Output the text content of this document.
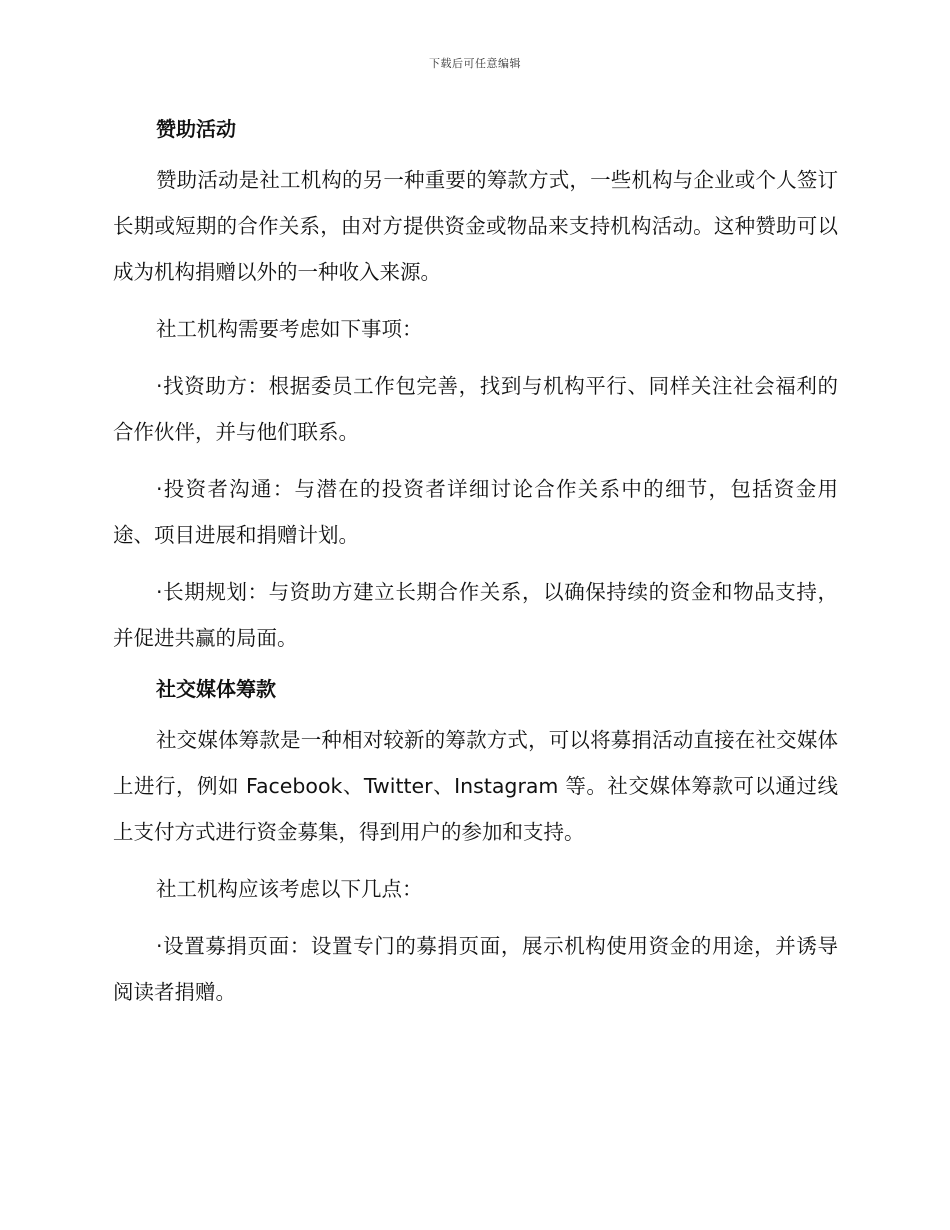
下载后可任意编辑
赞助活动

赞助活动是社工机构的另一种重要的筹款方式，一些机构与企业或个人签订长期或短期的合作关系，由对方提供资金或物品来支持机构活动。这种赞助可以成为机构捐赠以外的一种收入来源。

社工机构需要考虑如下事项：

·找资助方：根据委员工作包完善，找到与机构平行、同样关注社会福利的合作伙伴，并与他们联系。

·投资者沟通：与潜在的投资者详细讨论合作关系中的细节，包括资金用途、项目进展和捐赠计划。

·长期规划：与资助方建立长期合作关系，以确保持续的资金和物品支持，并促进共赢的局面。

社交媒体筹款

社交媒体筹款是一种相对较新的筹款方式，可以将募捐活动直接在社交媒体上进行，例如 Facebook、Twitter、Instagram 等。社交媒体筹款可以通过线上支付方式进行资金募集，得到用户的参加和支持。

社工机构应该考虑以下几点：

·设置募捐页面：设置专门的募捐页面，展示机构使用资金的用途，并诱导阅读者捐赠。
